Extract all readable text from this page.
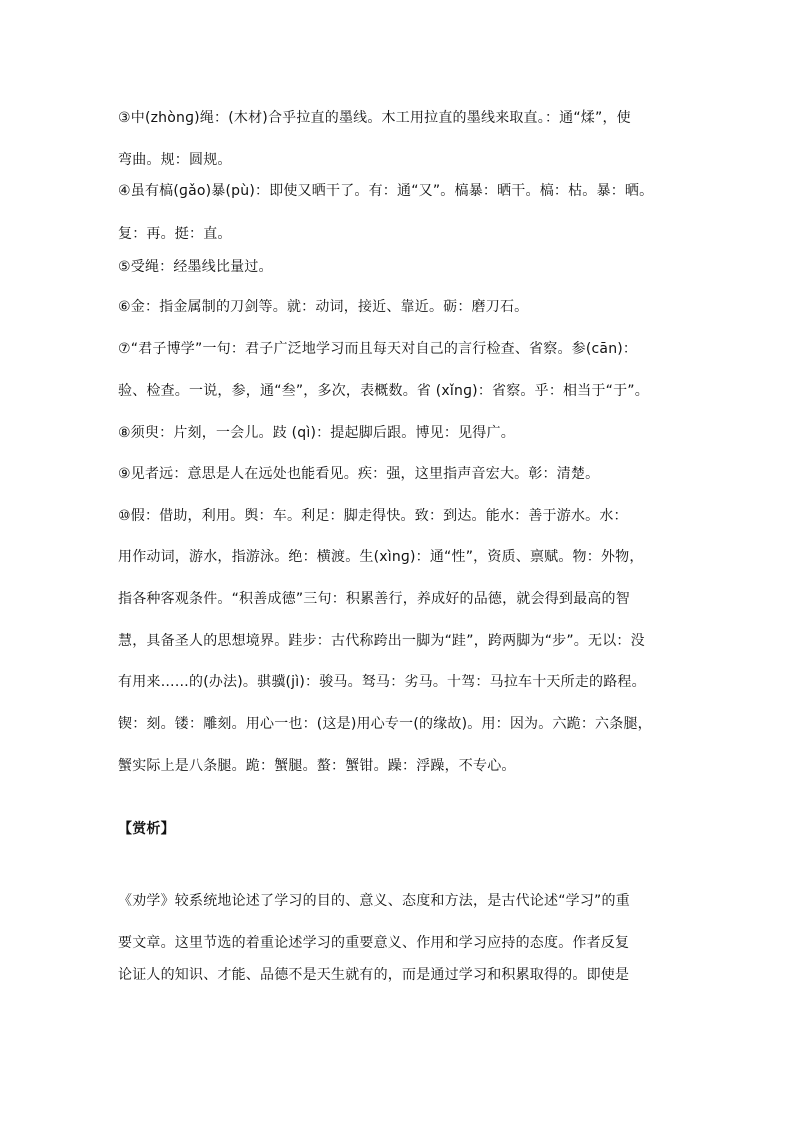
③中(zhònɡ)绳：(木材)合乎拉直的墨线。木工用拉直的墨线来取直。：通“煣”，使
弯曲。规：圆规。
④虽有槁(ɡǎo)暴(pù)：即使又晒干了。有：通“又”。槁暴：晒干。槁：枯。暴：晒。
复：再。挺：直。
⑤受绳：经墨线比量过。
⑥金：指金属制的刀剑等。就：动词，接近、靠近。砺：磨刀石。
⑦“君子博学”一句：君子广泛地学习而且每天对自己的言行检查、省察。参(cān)：
验、检查。一说，参，通“叁”，多次，表概数。省 (xǐnɡ)：省察。乎：相当于“于”。
⑧须臾：片刻，一会儿。跂 (qì)：提起脚后跟。博见：见得广。
⑨见者远：意思是人在远处也能看见。疾：强，这里指声音宏大。彰：清楚。
⑩假：借助，利用。舆：车。利足：脚走得快。致：到达。能水：善于游水。水：
用作动词，游水，指游泳。绝：横渡。生(xìnɡ)：通“性”，资质、禀赋。物：外物，
指各种客观条件。“积善成德”三句：积累善行，养成好的品德，就会得到最高的智
慧，具备圣人的思想境界。跬步：古代称跨出一脚为“跬”，跨两脚为“步”。无以：没
有用来……的(办法)。骐骥(jì)：骏马。驽马：劣马。十驾：马拉车十天所走的路程。
锲：刻。镂：雕刻。用心一也：(这是)用心专一(的缘故)。用：因为。六跪：六条腿，
蟹实际上是八条腿。跪：蟹腿。螯：蟹钳。躁：浮躁，不专心。
【赏析】
《劝学》较系统地论述了学习的目的、意义、态度和方法，是古代论述“学习”的重
要文章。这里节选的着重论述学习的重要意义、作用和学习应持的态度。作者反复
论证人的知识、才能、品德不是天生就有的，而是通过学习和积累取得的。即使是
